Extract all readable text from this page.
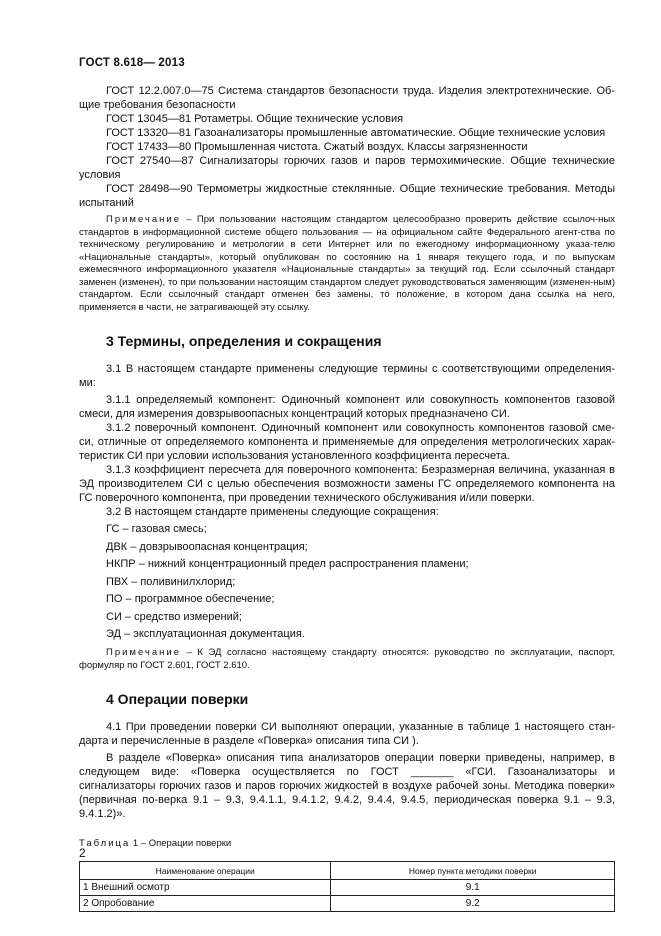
ГОСТ 8.618— 2013

ГОСТ 12.2.007.0—75 Система стандартов безопасности труда. Изделия электротехнические. Об-щие требования безопасности

ГОСТ 13045—81 Ротаметры. Общие технические условия

ГОСТ 13320—81 Газоанализаторы промышленные автоматические. Общие технические условия

ГОСТ 17433—80 Промышленная чистота. Сжатый воздух. Классы загрязненности

ГОСТ 27540—87 Сигнализаторы горючих газов и паров термохимические. Общие технические условия

ГОСТ 28498—90 Термометры жидкостные стеклянные. Общие технические требования. Методы испытаний

Примечание – При пользовании настоящим стандартом целесообразно проверить действие ссылоч-ных стандартов в информационной системе общего пользования — на официальном сайте Федерального агент-ства по техническому регулированию и метрологии в сети Интернет или по ежегодному информационному указа-телю «Национальные стандарты», который опубликован по состоянию на 1 января текущего года, и по выпускам ежемесячного информационного указателя «Национальные стандарты» за текущий год. Если ссылочный стандарт заменен (изменен), то при пользовании настоящим стандартом следует руководствоваться заменяющим (изменен-ным) стандартом. Если ссылочный стандарт отменен без замены, то положение, в котором дана ссылка на него, применяется в части, не затрагивающей эту ссылку.

3 Термины, определения и сокращения

3.1 В настоящем стандарте применены следующие термины с соответствующими определения-ми:

3.1.1 определяемый компонент: Одиночный компонент или совокупность компонентов газовой смеси, для измерения довзрывоопасных концентраций которых предназначено СИ.

3.1.2 поверочный компонент. Одиночный компонент или совокупность компонентов газовой сме-си, отличные от определяемого компонента и применяемые для определения метрологических харак-теристик СИ при условии использования установленного коэффициента пересчета.

3.1.3 коэффициент пересчета для поверочного компонента: Безразмерная величина, указанная в ЭД производителем СИ с целью обеспечения возможности замены ГС определяемого компонента на ГС поверочного компонента, при проведении технического обслуживания и/или поверки.

3.2 В настоящем стандарте применены следующие сокращения:

ГС – газовая смесь;

ДВК – довзрывоопасная концентрация;

НКПР – нижний концентрационный предел распространения пламени;

ПВХ – поливинилхлорид;

ПО – программное обеспечение;

СИ – средство измерений;

ЭД – эксплуатационная документация.

Примечание – К ЭД согласно настоящему стандарту относятся: руководство по эксплуатации, паспорт, формуляр по ГОСТ 2.601, ГОСТ 2.610.

4 Операции поверки

4.1 При проведении поверки СИ выполняют операции, указанные в таблице 1 настоящего стан-дарта и перечисленные в разделе «Поверка» описания типа СИ ).

В разделе «Поверка» описания типа анализаторов операции поверки приведены, например, в следующем виде: «Поверка осуществляется по ГОСТ _______ «ГСИ. Газоанализаторы и сигнализаторы горючих газов и паров горючих жидкостей в воздухе рабочей зоны. Методика поверки» (первичная по-верка 9.1 – 9.3, 9.4.1.1, 9.4.1.2, 9.4.2, 9.4.4, 9.4.5, периодическая поверка 9.1 – 9.3, 9.4.1.2)».

Таблица 1 – Операции поверки

Наименование операции	Номер пункта методики поверки
1 Внешний осмотр	9.1
2 Опробование	9.2
2
